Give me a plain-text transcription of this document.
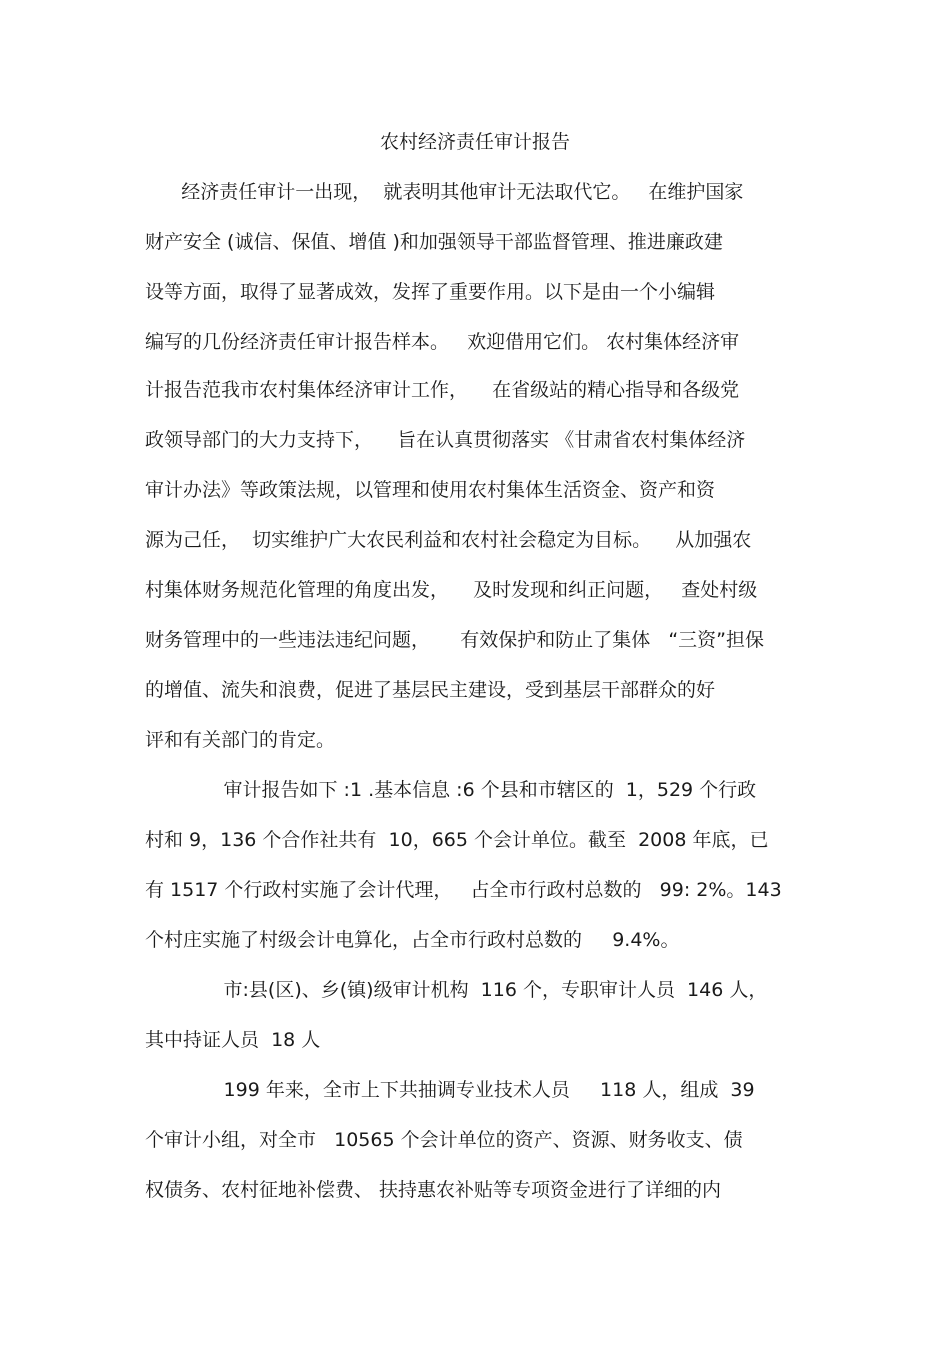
农村经济责任审计报告
经济责任审计一出现，  就表明其他审计无法取代它。   在维护国家
财产安全 (诚信、保值、增值 )和加强领导干部监督管理、推进廉政建
设等方面，取得了显著成效，发挥了重要作用。以下是由一个小编辑
编写的几份经济责任审计报告样本。   欢迎借用它们。 农村集体经济审
计报告范我市农村集体经济审计工作，    在省级站的精心指导和各级党
政领导部门的大力支持下，    旨在认真贯彻落实 《甘肃省农村集体经济
审计办法》等政策法规，以管理和使用农村集体生活资金、资产和资
源为己任，  切实维护广大农民利益和农村社会稳定为目标。    从加强农
村集体财务规范化管理的角度出发，    及时发现和纠正问题，   查处村级
财务管理中的一些违法违纪问题，     有效保护和防止了集体   “三资”担保
的增值、流失和浪费，促进了基层民主建设，受到基层干部群众的好
评和有关部门的肯定。
审计报告如下 :1 .基本信息 :6 个县和市辖区的  1，529 个行政
村和 9，136 个合作社共有  10，665 个会计单位。截至  2008 年底，已
有 1517 个行政村实施了会计代理，   占全市行政村总数的   99: 2%。143
个村庄实施了村级会计电算化，占全市行政村总数的     9.4%。
市:县(区)、乡(镇)级审计机构  116 个，专职审计人员  146 人，
其中持证人员  18 人
199 年来，全市上下共抽调专业技术人员     118 人，组成  39
个审计小组，对全市   10565 个会计单位的资产、资源、财务收支、债
权债务、农村征地补偿费、 扶持惠农补贴等专项资金进行了详细的内
